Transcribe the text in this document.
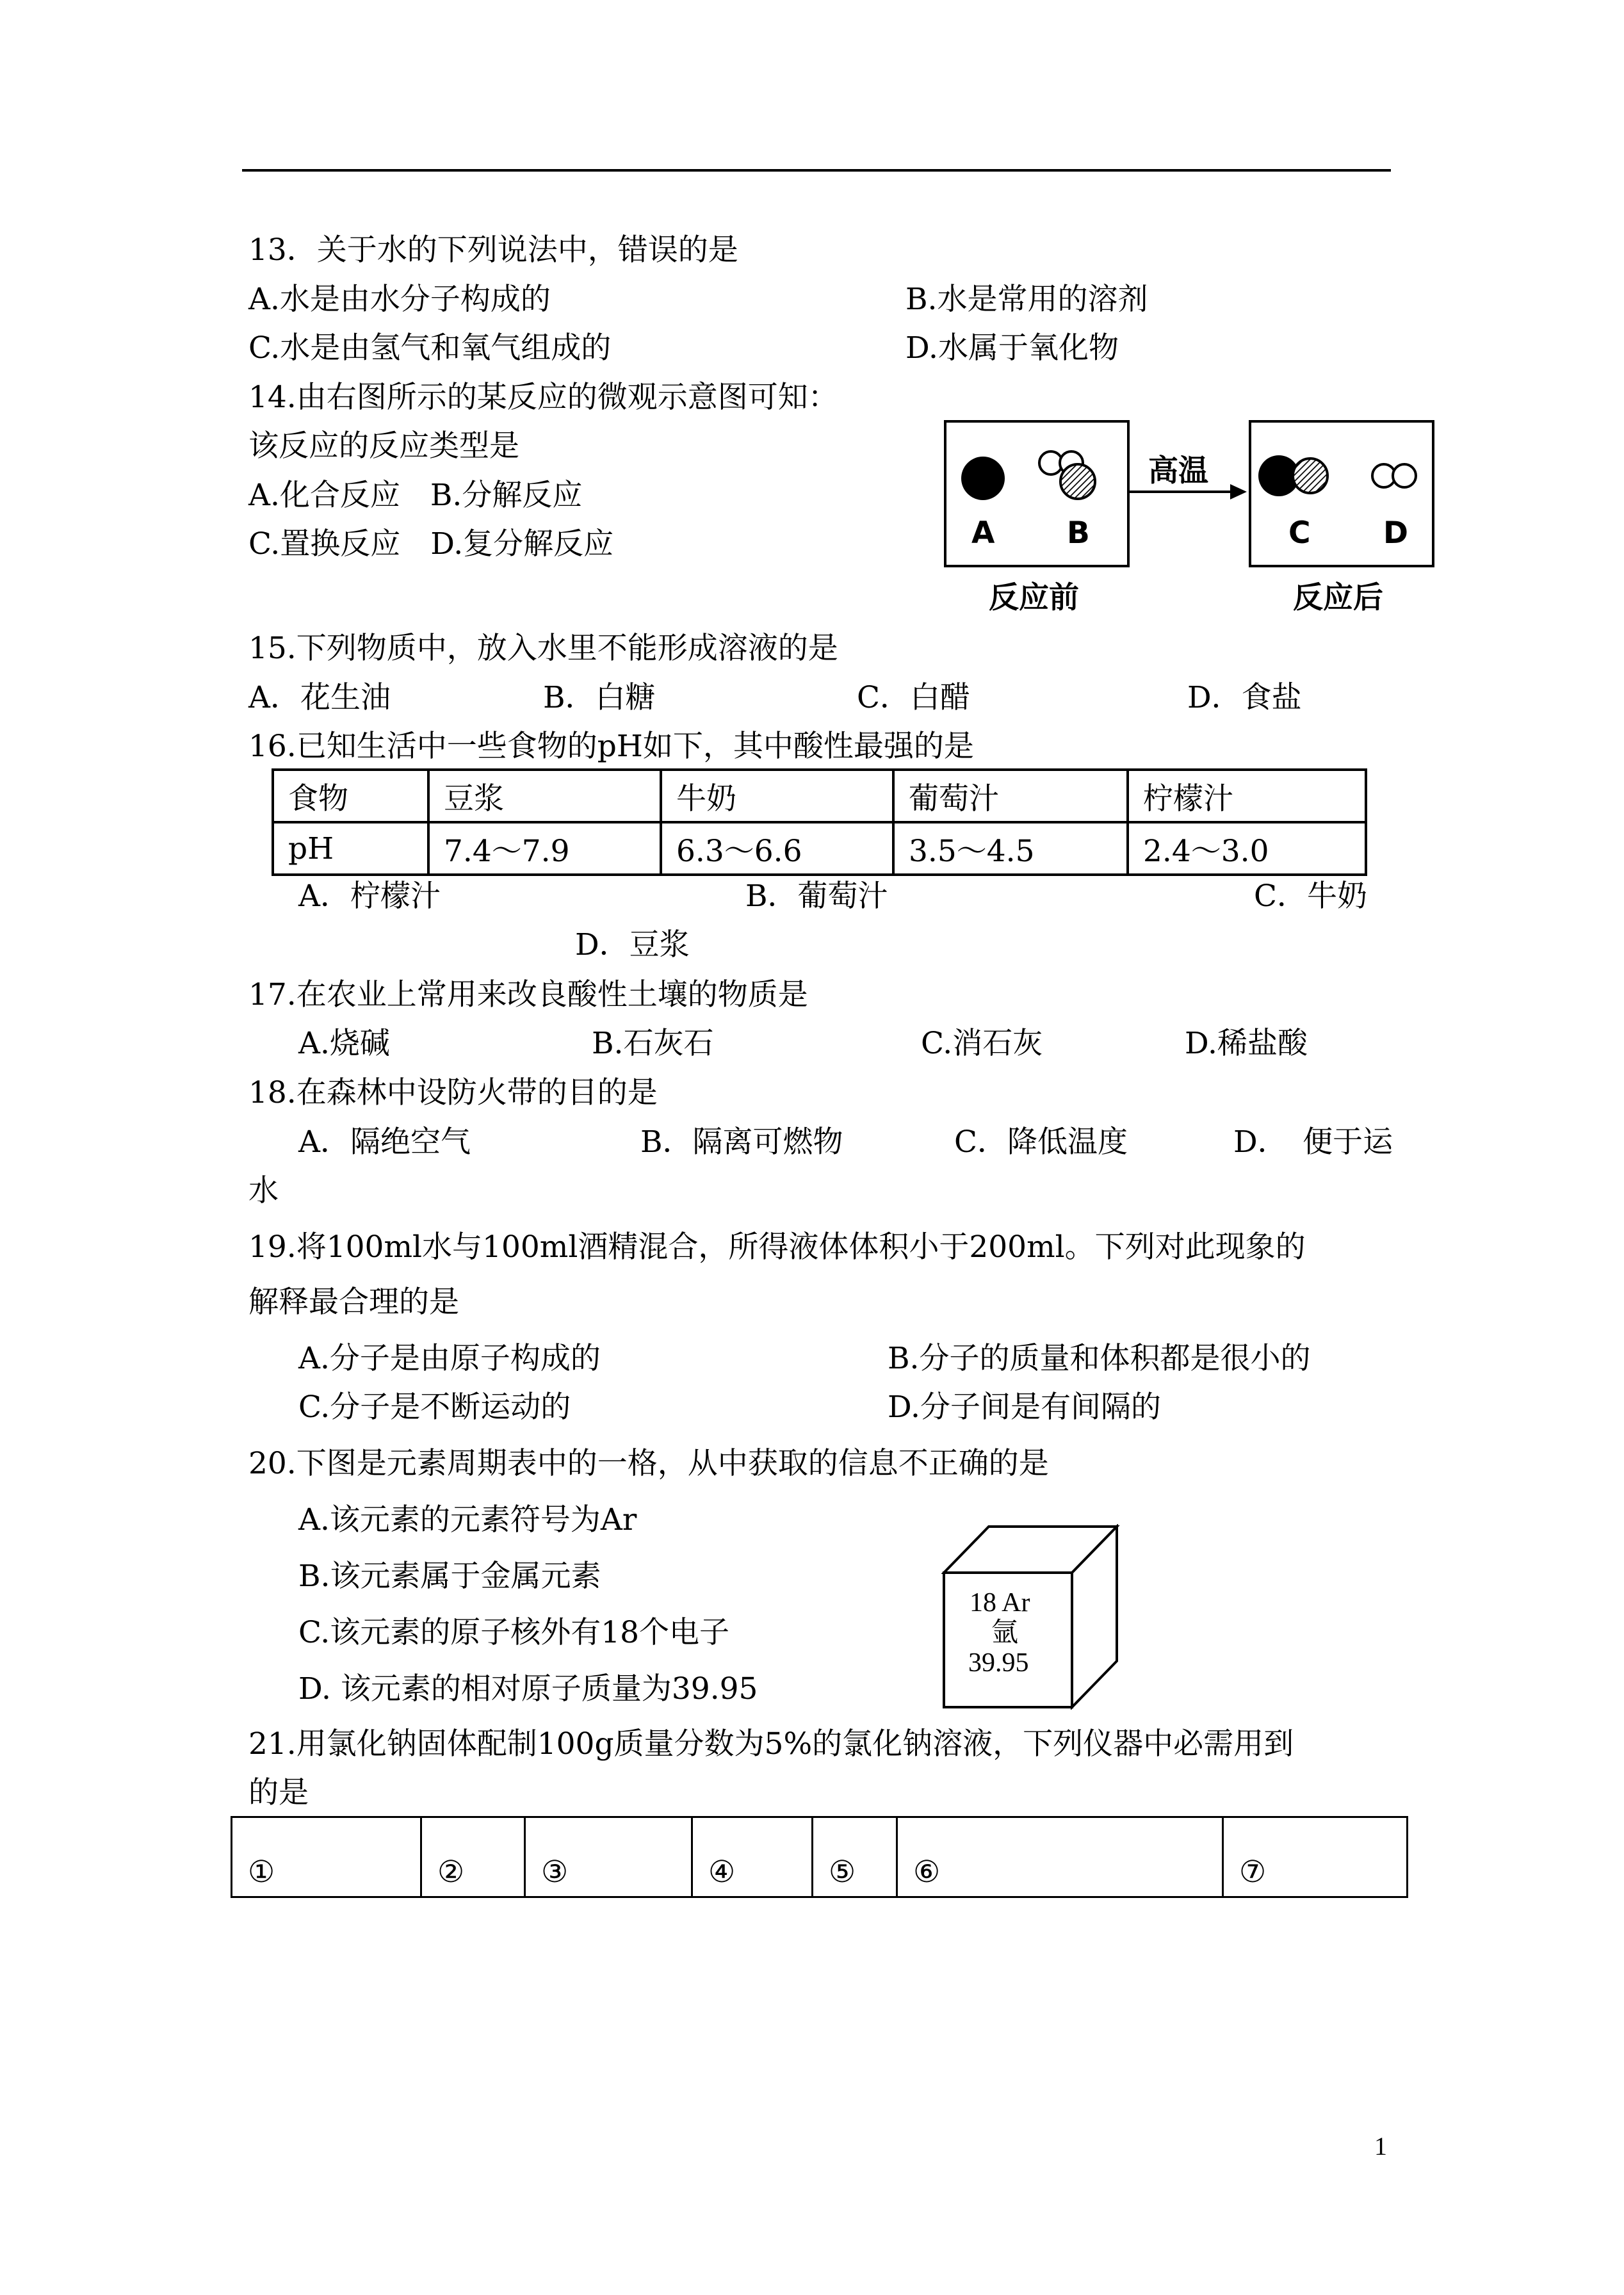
13．关于水的下列说法中，错误的是
A.水是由水分子构成的	B.水是常用的溶剂
C.水是由氢气和氧气组成的	D.水属于氧化物
14.由右图所示的某反应的微观示意图可知：
该反应的反应类型是
A.化合反应　B.分解反应
C.置换反应　D.复分解反应
高温
A B	C D
反应前	反应后
15.下列物质中，放入水里不能形成溶液的是
A．花生油	B．白糖	C．白醋	D．食盐
16.已知生活中一些食物的pH如下，其中酸性最强的是
食物	豆浆	牛奶	葡萄汁	柠檬汁
pH	7.4～7.9	6.3～6.6	3.5～4.5	2.4～3.0
A．柠檬汁	B．葡萄汁	C．牛奶
D．豆浆
17.在农业上常用来改良酸性土壤的物质是
A.烧碱	B.石灰石	C.消石灰	D.稀盐酸
18.在森林中设防火带的目的是
A．隔绝空气	B．隔离可燃物	C．降低温度	D．　便于运
水
19.将100ml水与100ml酒精混合，所得液体体积小于200ml。下列对此现象的
解释最合理的是
A.分子是由原子构成的	B.分子的质量和体积都是很小的
C.分子是不断运动的	D.分子间是有间隔的
20.下图是元素周期表中的一格，从中获取的信息不正确的是
A.该元素的元素符号为Ar
B.该元素属于金属元素
C.该元素的原子核外有18个电子
D. 该元素的相对原子质量为39.95
18 Ar
氩
39.95
21.用氯化钠固体配制100g质量分数为5%的氯化钠溶液，下列仪器中必需用到
的是
①	②	③	④	⑤	⑥	⑦
1
